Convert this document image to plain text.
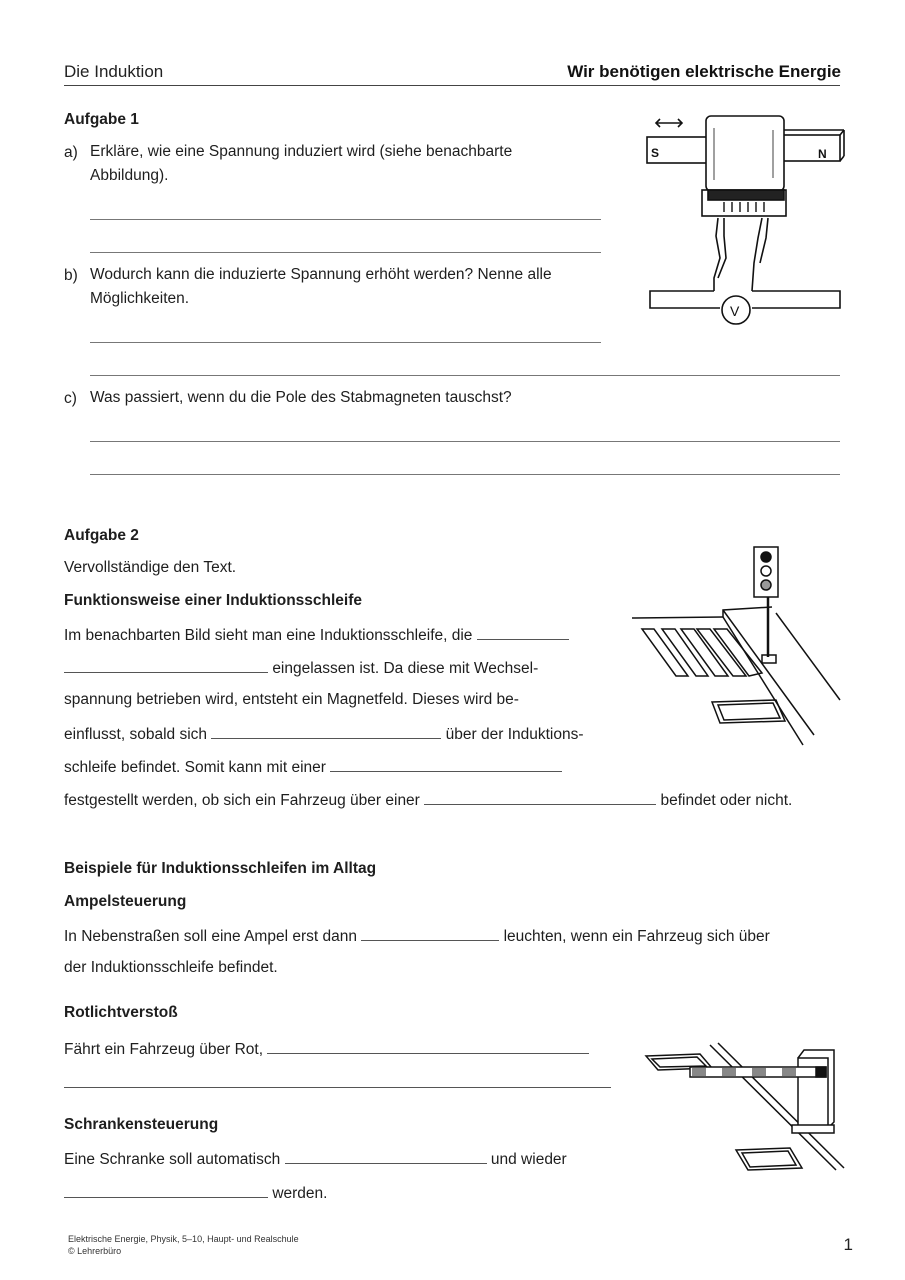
Die Induktion	Wir benötigen elektrische Energie
Aufgabe 1
a) Erkläre, wie eine Spannung induziert wird (siehe benachbarte
Abbildung).
b) Wodurch kann die induzierte Spannung erhöht werden? Nenne alle
Möglichkeiten.
c) Was passiert, wenn du die Pole des Stabmagneten tauschst?
S	N
V
Aufgabe 2
Vervollständige den Text.
Funktionsweise einer Induktionsschleife
Im benachbarten Bild sieht man eine Induktionsschleife, die
eingelassen ist. Da diese mit Wechsel-
spannung betrieben wird, entsteht ein Magnetfeld. Dieses wird be-
einflusst, sobald sich	über der Induktions-
schleife befindet. Somit kann mit einer
festgestellt werden, ob sich ein Fahrzeug über einer	befindet oder nicht.
Beispiele für Induktionsschleifen im Alltag
Ampelsteuerung
In Nebenstraßen soll eine Ampel erst dann	leuchten, wenn ein Fahrzeug sich über
der Induktionsschleife befindet.
Rotlichtverstoß
Fährt ein Fahrzeug über Rot,
Schrankensteuerung
Eine Schranke soll automatisch	und wieder
werden.
Elektrische Energie, Physik, 5–10, Haupt- und Realschule
© Lehrerbüro	1
